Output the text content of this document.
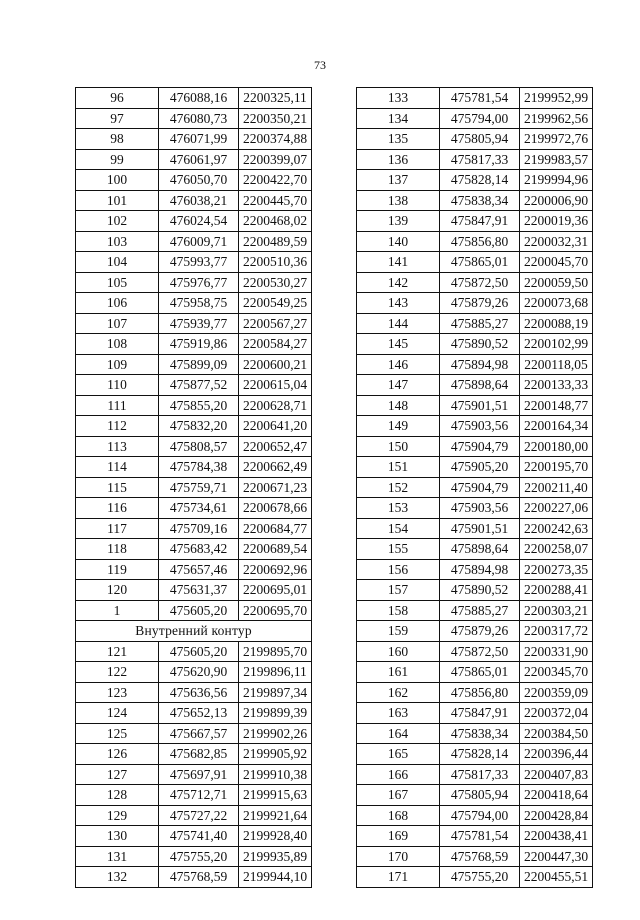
73
96	476088,16	2200325,11
97	476080,73	2200350,21
98	476071,99	2200374,88
99	476061,97	2200399,07
100	476050,70	2200422,70
101	476038,21	2200445,70
102	476024,54	2200468,02
103	476009,71	2200489,59
104	475993,77	2200510,36
105	475976,77	2200530,27
106	475958,75	2200549,25
107	475939,77	2200567,27
108	475919,86	2200584,27
109	475899,09	2200600,21
110	475877,52	2200615,04
111	475855,20	2200628,71
112	475832,20	2200641,20
113	475808,57	2200652,47
114	475784,38	2200662,49
115	475759,71	2200671,23
116	475734,61	2200678,66
117	475709,16	2200684,77
118	475683,42	2200689,54
119	475657,46	2200692,96
120	475631,37	2200695,01
1	475605,20	2200695,70
Внутренний контур		
121	475605,20	2199895,70
122	475620,90	2199896,11
123	475636,56	2199897,34
124	475652,13	2199899,39
125	475667,57	2199902,26
126	475682,85	2199905,92
127	475697,91	2199910,38
128	475712,71	2199915,63
129	475727,22	2199921,64
130	475741,40	2199928,40
131	475755,20	2199935,89
132	475768,59	2199944,10
133	475781,54	2199952,99
134	475794,00	2199962,56
135	475805,94	2199972,76
136	475817,33	2199983,57
137	475828,14	2199994,96
138	475838,34	2200006,90
139	475847,91	2200019,36
140	475856,80	2200032,31
141	475865,01	2200045,70
142	475872,50	2200059,50
143	475879,26	2200073,68
144	475885,27	2200088,19
145	475890,52	2200102,99
146	475894,98	2200118,05
147	475898,64	2200133,33
148	475901,51	2200148,77
149	475903,56	2200164,34
150	475904,79	2200180,00
151	475905,20	2200195,70
152	475904,79	2200211,40
153	475903,56	2200227,06
154	475901,51	2200242,63
155	475898,64	2200258,07
156	475894,98	2200273,35
157	475890,52	2200288,41
158	475885,27	2200303,21
159	475879,26	2200317,72
160	475872,50	2200331,90
161	475865,01	2200345,70
162	475856,80	2200359,09
163	475847,91	2200372,04
164	475838,34	2200384,50
165	475828,14	2200396,44
166	475817,33	2200407,83
167	475805,94	2200418,64
168	475794,00	2200428,84
169	475781,54	2200438,41
170	475768,59	2200447,30
171	475755,20	2200455,51
